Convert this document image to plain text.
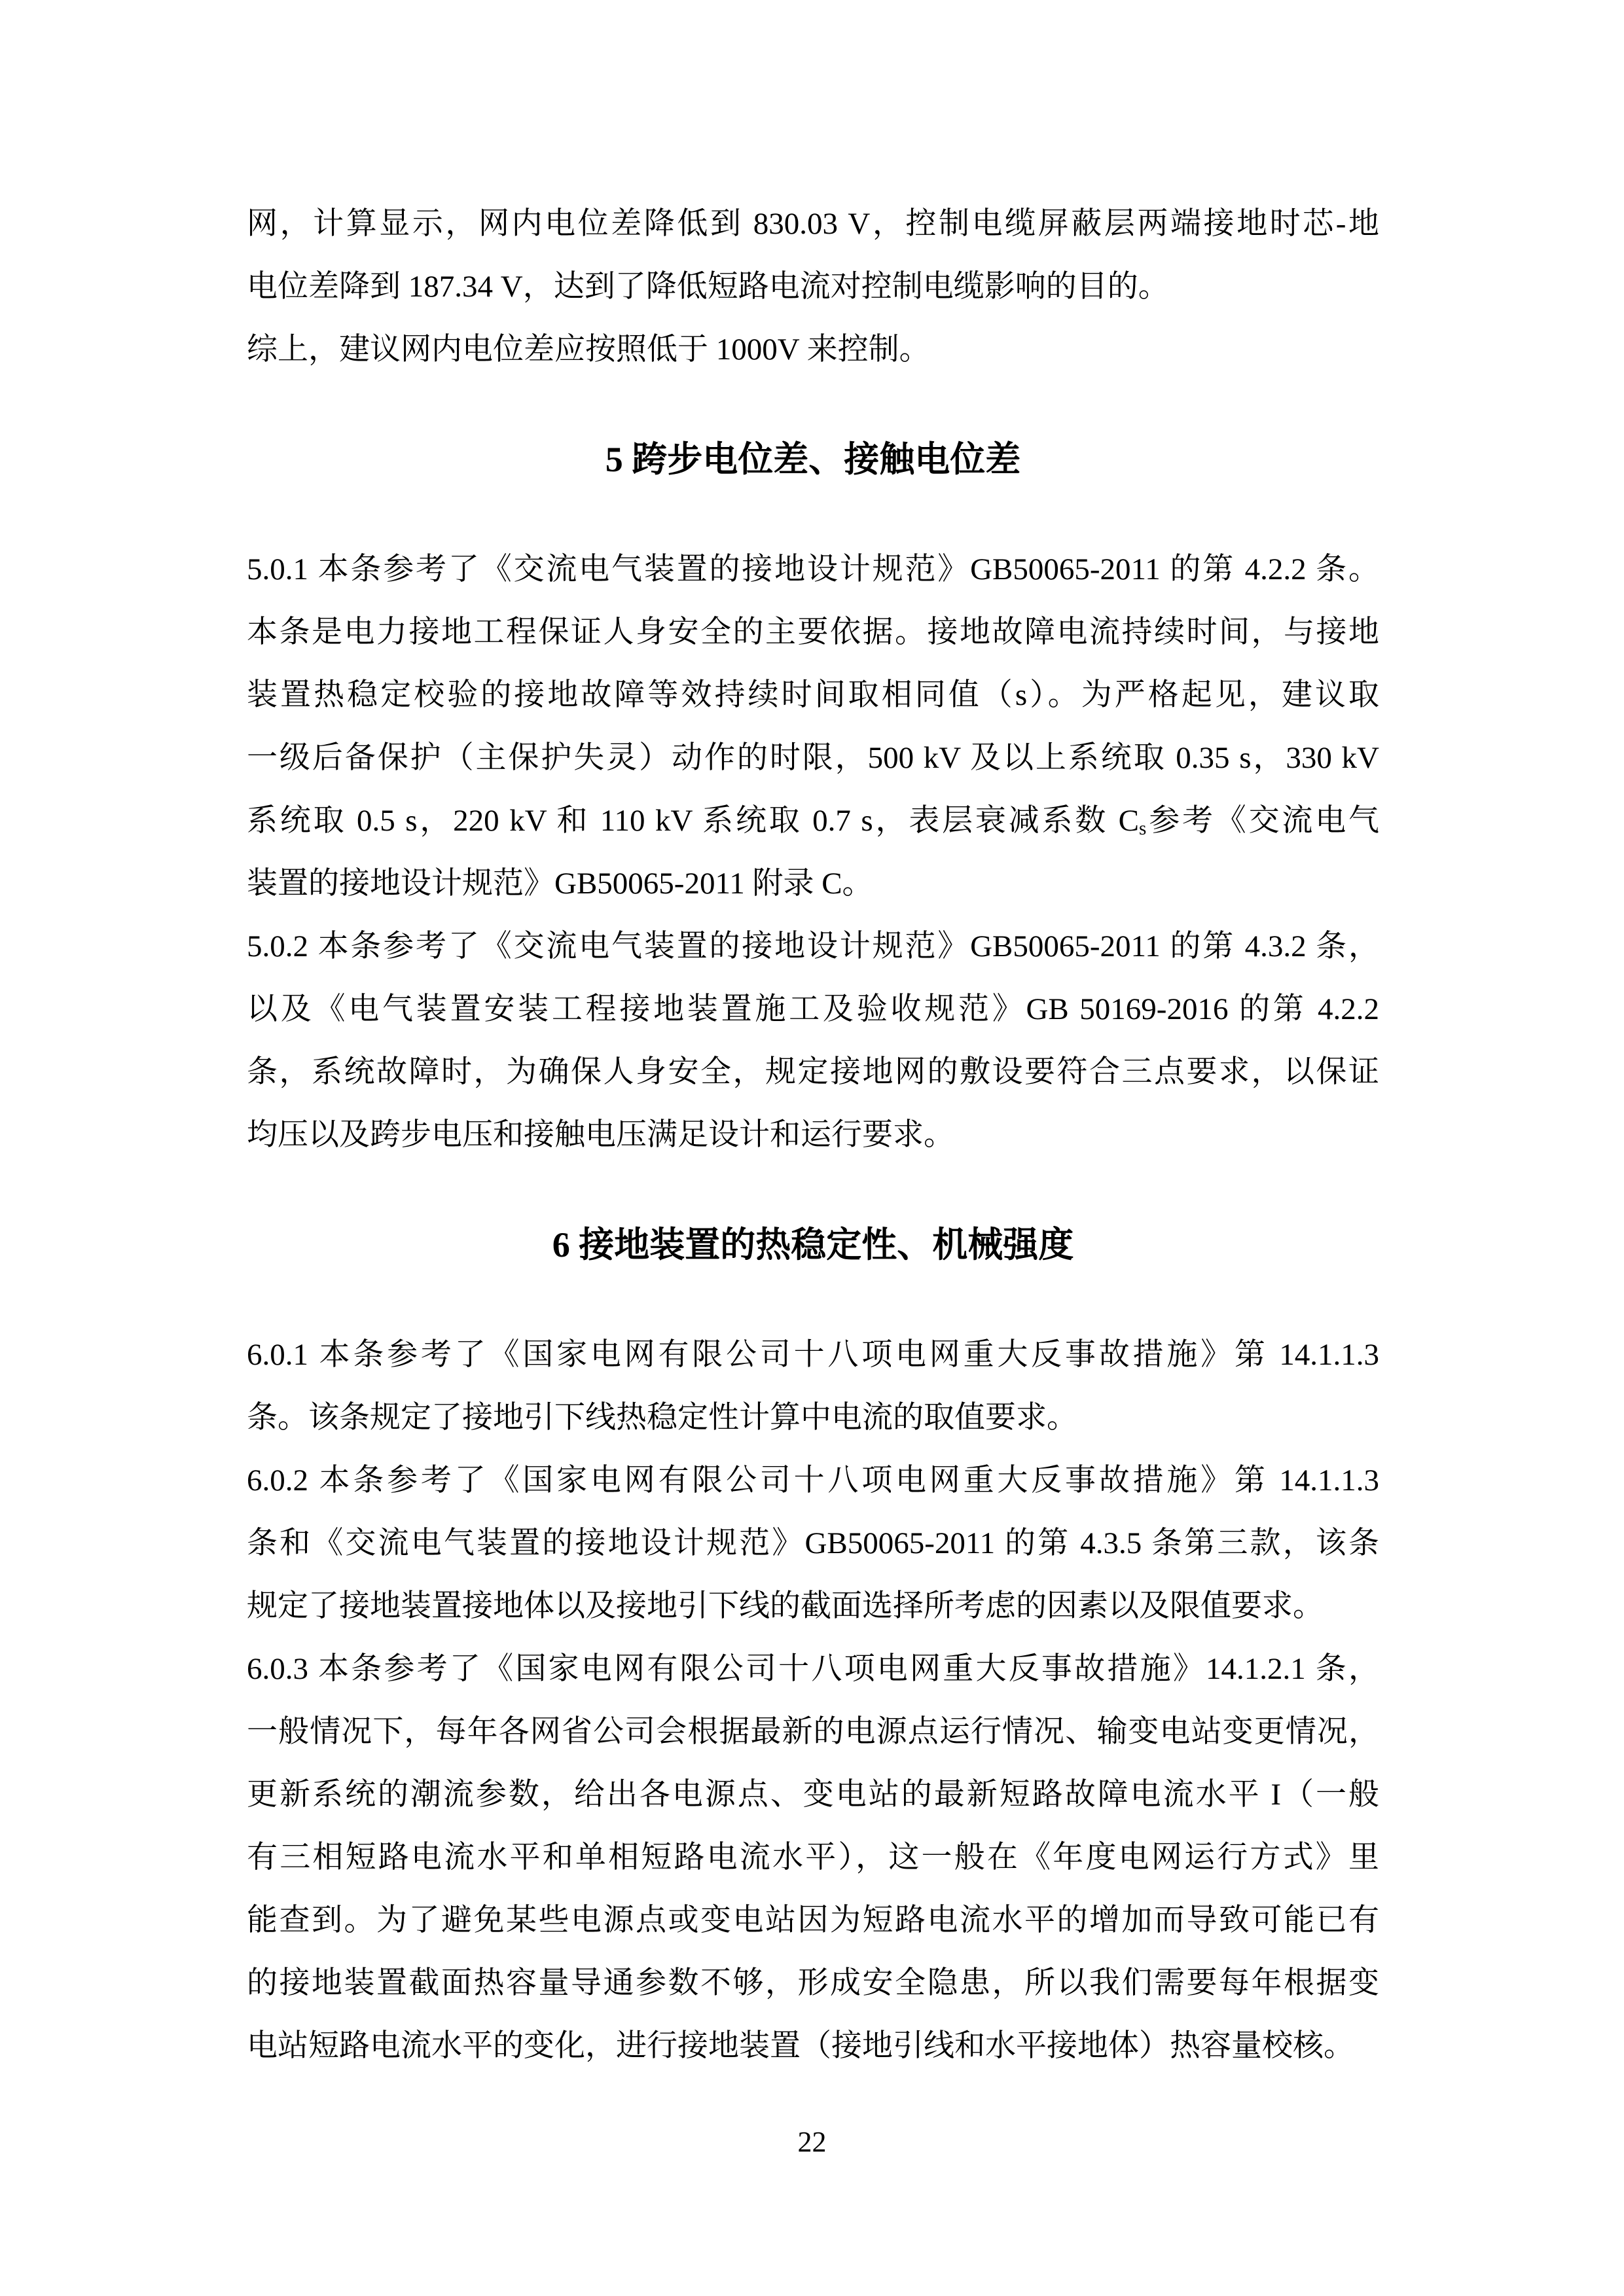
网，计算显示，网内电位差降低到 830.03 V，控制电缆屏蔽层两端接地时芯-地
电位差降到 187.34 V，达到了降低短路电流对控制电缆影响的目的。
综上，建议网内电位差应按照低于 1000V 来控制。
5 跨步电位差、接触电位差
5.0.1 本条参考了《交流电气装置的接地设计规范》GB50065-2011 的第 4.2.2 条。
本条是电力接地工程保证人身安全的主要依据。接地故障电流持续时间，与接地
装置热稳定校验的接地故障等效持续时间取相同值（s）。为严格起见，建议取
一级后备保护（主保护失灵）动作的时限，500 kV 及以上系统取 0.35 s，330 kV
系统取 0.5 s，220 kV 和 110 kV 系统取 0.7 s，表层衰减系数 $C_s$参考《交流电气
装置的接地设计规范》GB50065-2011 附录 C。
5.0.2 本条参考了《交流电气装置的接地设计规范》GB50065-2011 的第 4.3.2 条，
以及《电气装置安装工程接地装置施工及验收规范》GB 50169-2016 的第 4.2.2
条，系统故障时，为确保人身安全，规定接地网的敷设要符合三点要求，以保证
均压以及跨步电压和接触电压满足设计和运行要求。
6 接地装置的热稳定性、机械强度
6.0.1 本条参考了《国家电网有限公司十八项电网重大反事故措施》第 14.1.1.3
条。该条规定了接地引下线热稳定性计算中电流的取值要求。
6.0.2 本条参考了《国家电网有限公司十八项电网重大反事故措施》第 14.1.1.3
条和《交流电气装置的接地设计规范》GB50065-2011 的第 4.3.5 条第三款，该条
规定了接地装置接地体以及接地引下线的截面选择所考虑的因素以及限值要求。
6.0.3 本条参考了《国家电网有限公司十八项电网重大反事故措施》14.1.2.1 条，
一般情况下，每年各网省公司会根据最新的电源点运行情况、输变电站变更情况，
更新系统的潮流参数，给出各电源点、变电站的最新短路故障电流水平 I（一般
有三相短路电流水平和单相短路电流水平），这一般在《年度电网运行方式》里
能查到。为了避免某些电源点或变电站因为短路电流水平的增加而导致可能已有
的接地装置截面热容量导通参数不够，形成安全隐患，所以我们需要每年根据变
电站短路电流水平的变化，进行接地装置（接地引线和水平接地体）热容量校核。
22
